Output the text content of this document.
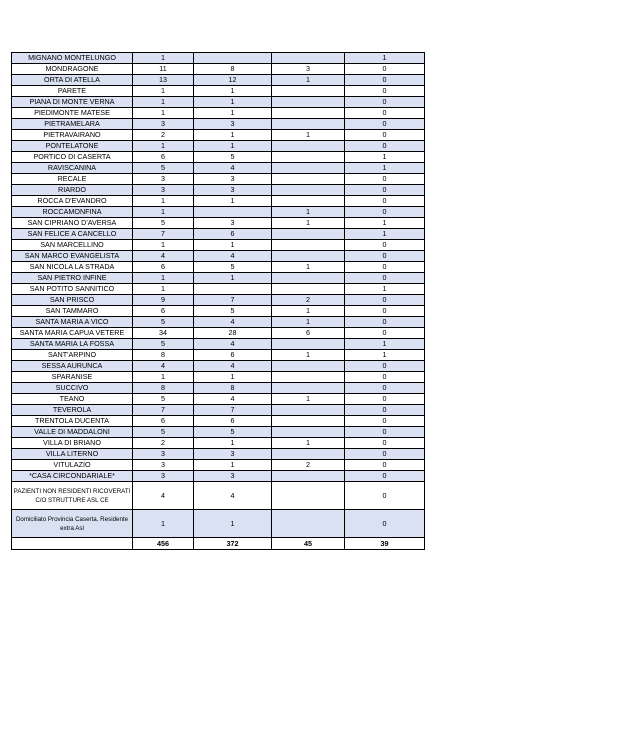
MIGNANO MONTELUNGO	1			1
MONDRAGONE	11	8	3	0
ORTA DI ATELLA	13	12	1	0
PARETE	1	1		0
PIANA DI MONTE VERNA	1	1		0
PIEDIMONTE MATESE	1	1		0
PIETRAMELARA	3	3		0
PIETRAVAIRANO	2	1	1	0
PONTELATONE	1	1		0
PORTICO DI CASERTA	6	5		1
RAVISCANINA	5	4		1
RECALE	3	3		0
RIARDO	3	3		0
ROCCA D'EVANDRO	1	1		0
ROCCAMONFINA	1		1	0
SAN CIPRIANO D'AVERSA	5	3	1	1
SAN FELICE A CANCELLO	7	6		1
SAN MARCELLINO	1	1		0
SAN MARCO EVANGELISTA	4	4		0
SAN NICOLA LA STRADA	6	5	1	0
SAN PIETRO INFINE	1	1		0
SAN POTITO SANNITICO	1			1
SAN PRISCO	9	7	2	0
SAN TAMMARO	6	5	1	0
SANTA MARIA A VICO	5	4	1	0
SANTA MARIA CAPUA VETERE	34	28	6	0
SANTA MARIA LA FOSSA	5	4		1
SANT'ARPINO	8	6	1	1
SESSA AURUNCA	4	4		0
SPARANISE	1	1		0
SUCCIVO	8	8		0
TEANO	5	4	1	0
TEVEROLA	7	7		0
TRENTOLA DUCENTA	6	6		0
VALLE DI MADDALONI	5	5		0
VILLA DI BRIANO	2	1	1	0
VILLA LITERNO	3	3		0
VITULAZIO	3	1	2	0
*CASA CIRCONDARIALE*	3	3		0
PAZIENTI NON RESIDENTI RICOVERATI C/O STRUTTURE ASL CE	4	4		0
Domiciliato Provincia Caserta, Residente extra Asl	1	1		0
	456	372	45	39
